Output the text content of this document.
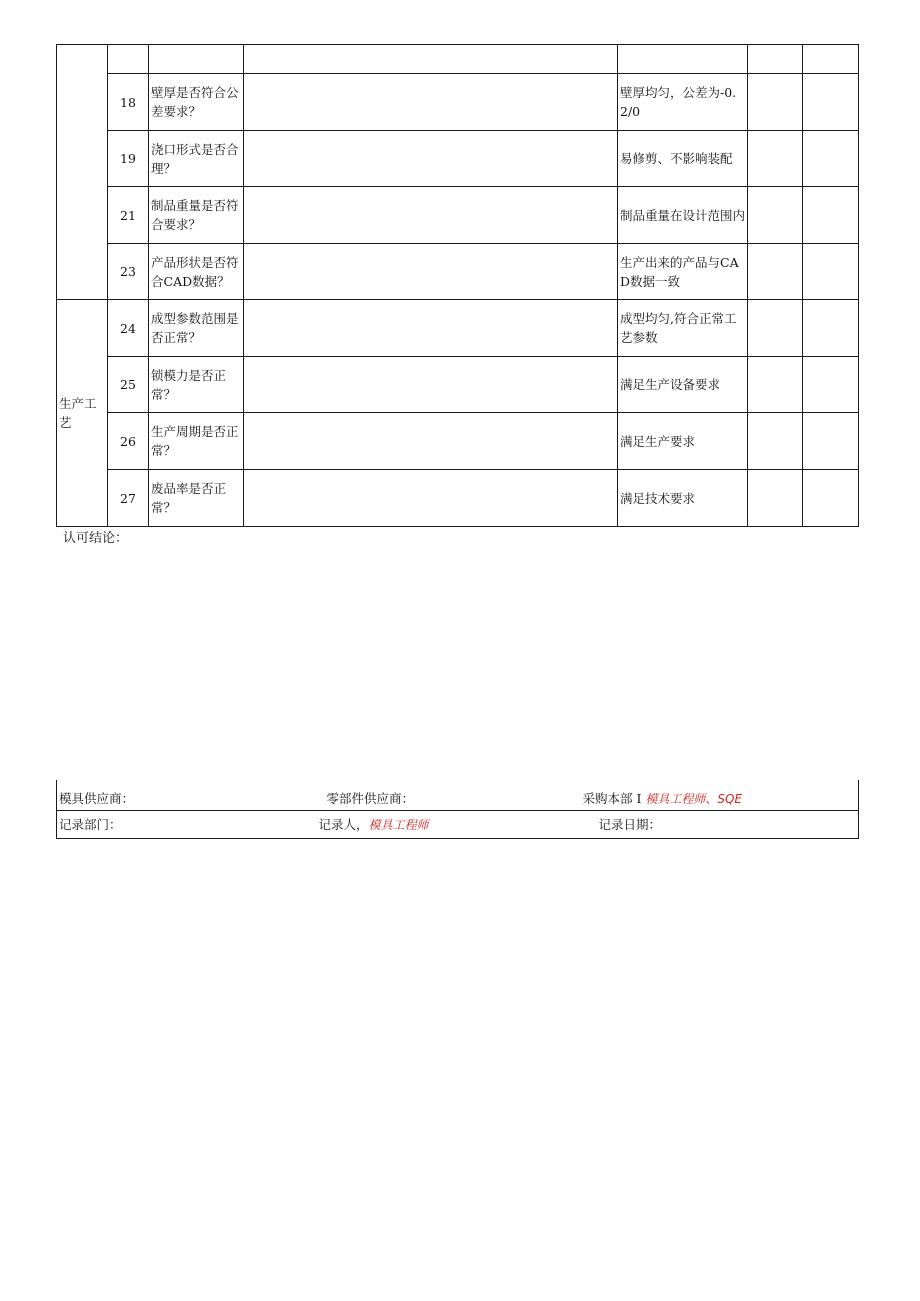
	18	壁厚是否符合公差要求？		壁厚均匀，公差为-0.2/0		

	19	浇口形式是否合理？		易修剪、不影响装配		

	21	制品重量是否符合要求？		制品重量在设计范围内		

	23	产品形状是否符合CAD数据？		生产出来的产品与CAD数据一致		

生产工艺	24	成型参数范围是否正常？		成型均匀,符合正常工艺参数		

	25	锁模力是否正常？		满足生产设备要求		

	26	生产周期是否正常？		满足生产要求		

	27	废品率是否正常？		满足技术要求		

认可结论：
模具供应商：	零部件供应商：	采购本部 I 模具工程师、SQE
记录部门：	记录人，模具工程师	记录日期：
